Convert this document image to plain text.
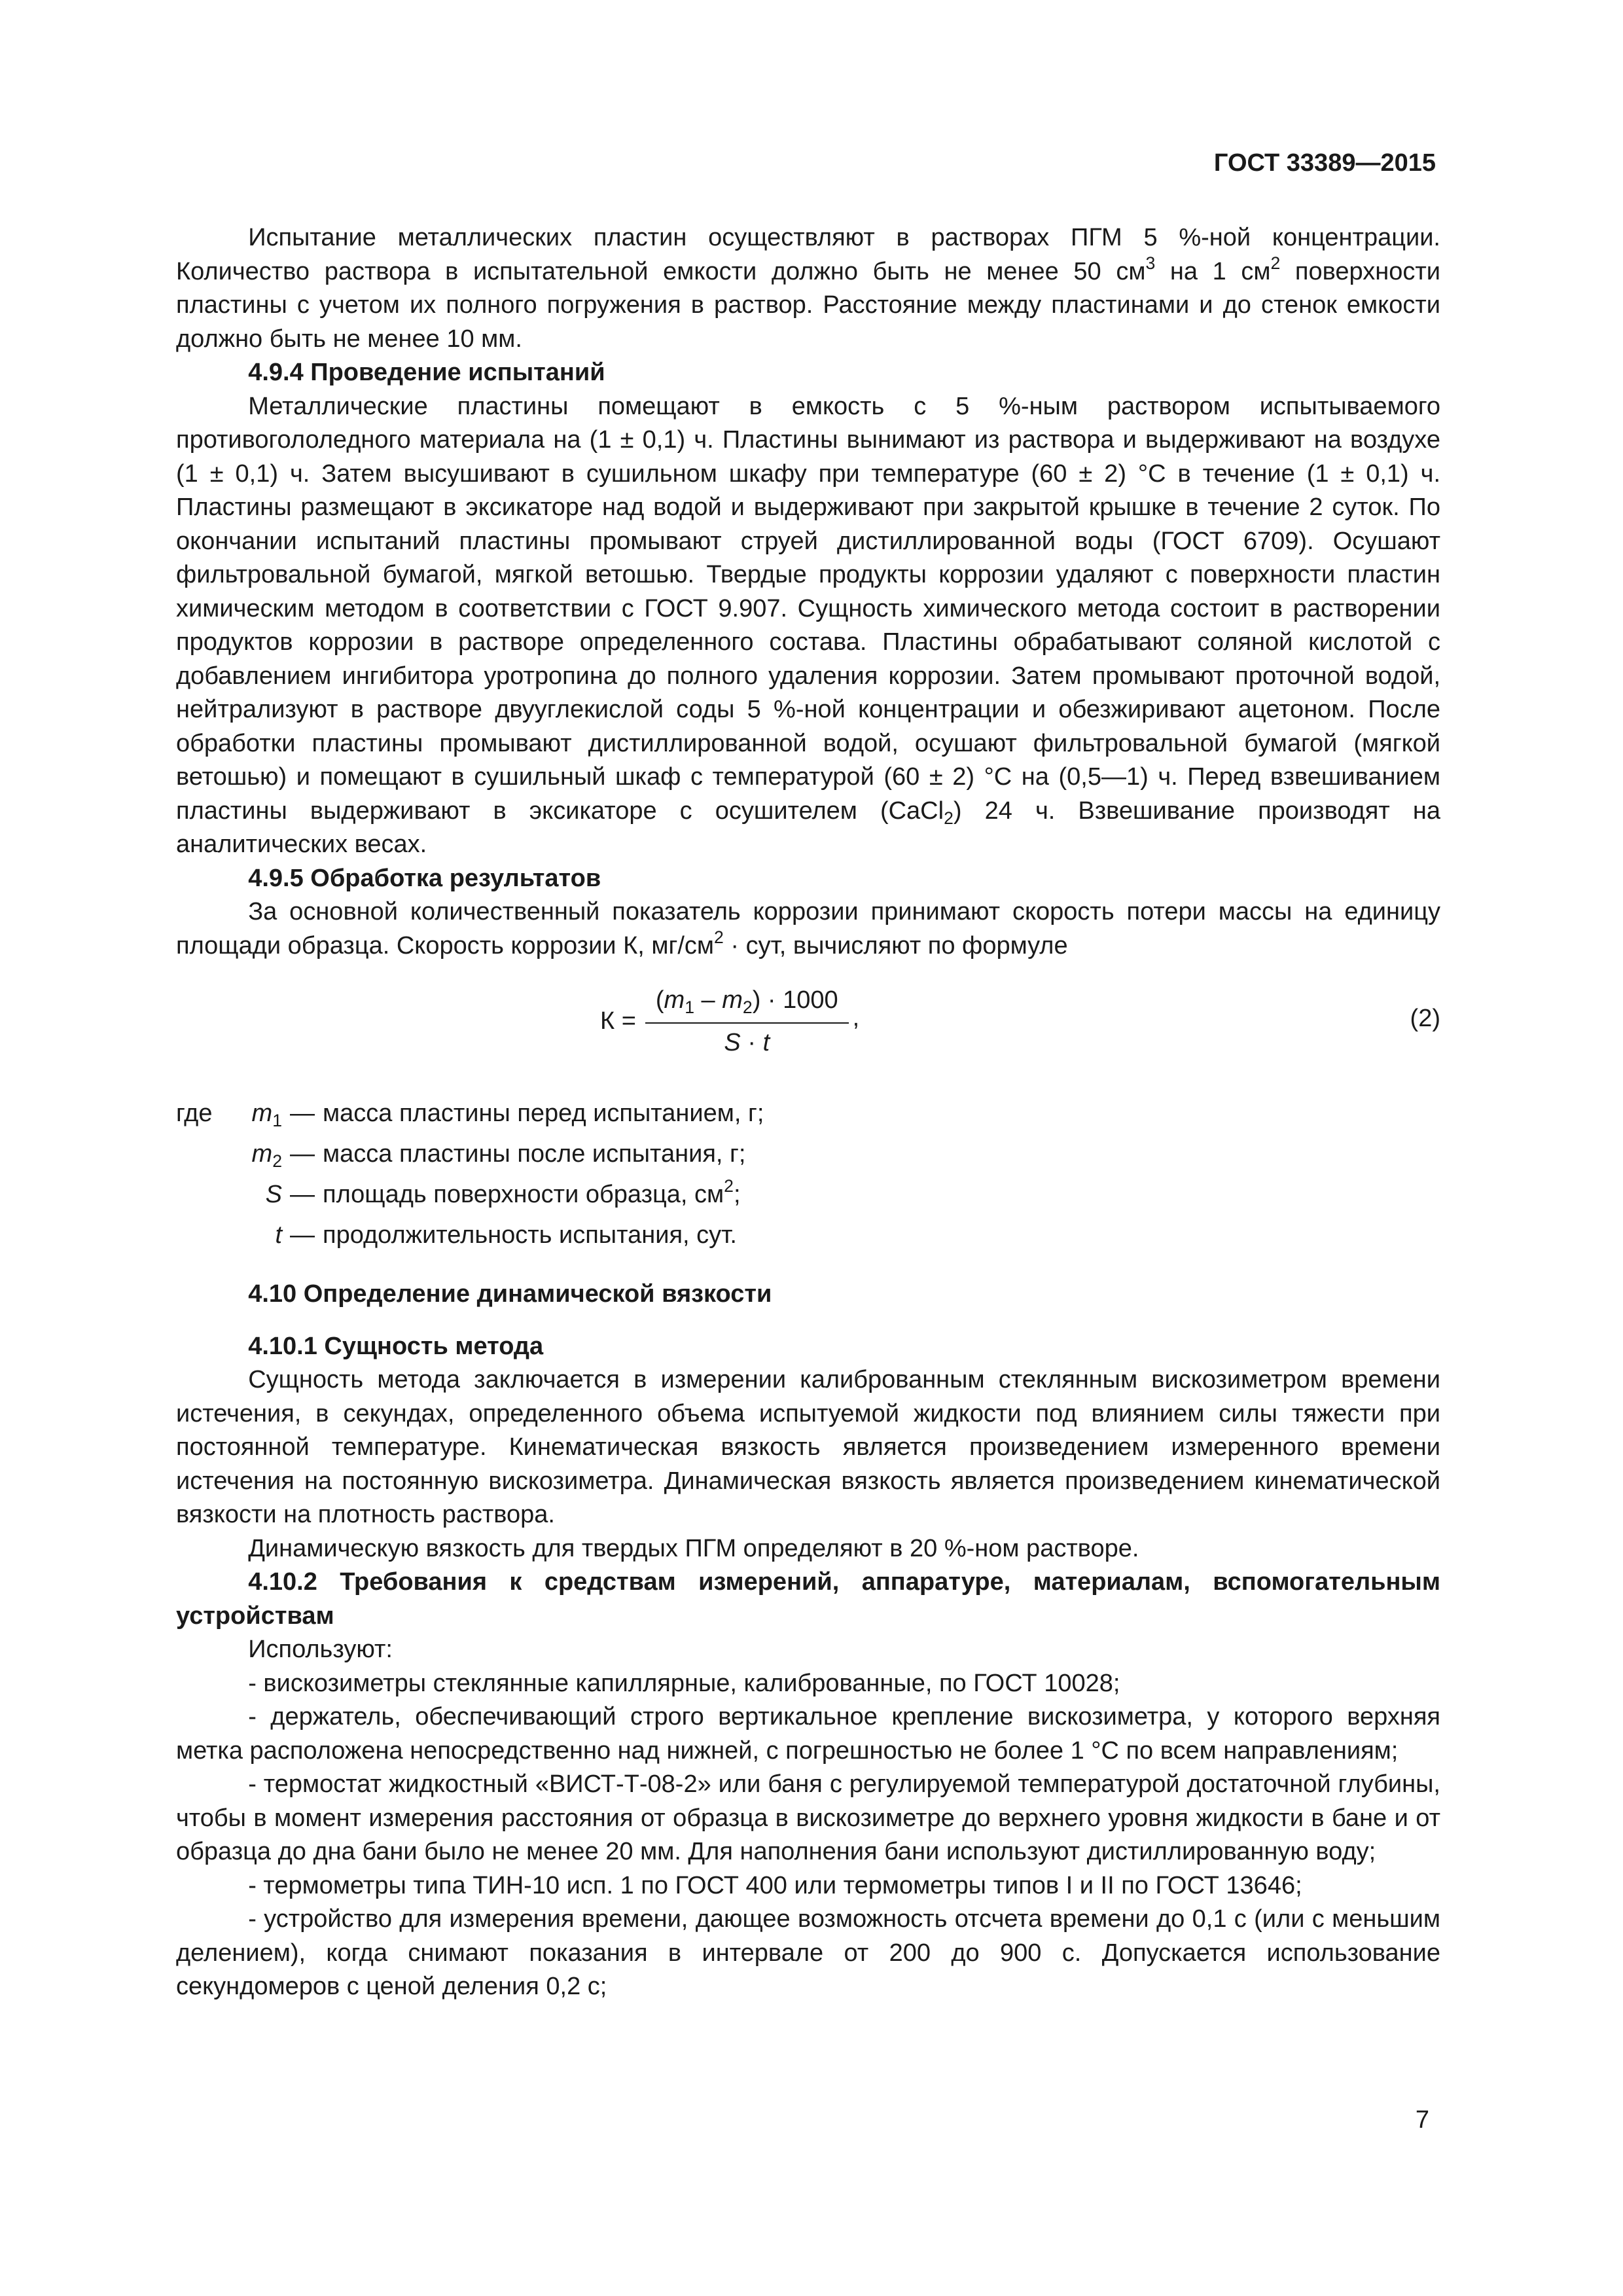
ГОСТ 33389—2015

Испытание металлических пластин осуществляют в растворах ПГМ 5 %-ной концентрации. Количество раствора в испытательной емкости должно быть не менее 50 $см^3$ на 1 $см^2$ поверхности пластины с учетом их полного погружения в раствор. Расстояние между пластинами и до стенок емкости должно быть не менее 10 мм.

4.9.4 Проведение испытаний

Металлические пластины помещают в емкость с 5 %-ным раствором испытываемого противогололедного материала на (1 ± 0,1) ч. Пластины вынимают из раствора и выдерживают на воздухе (1 ± 0,1) ч. Затем высушивают в сушильном шкафу при температуре (60 ± 2) °С в течение (1 ± 0,1) ч. Пластины размещают в эксикаторе над водой и выдерживают при закрытой крышке в течение 2 суток. По окончании испытаний пластины промывают струей дистиллированной воды (ГОСТ 6709). Осушают фильтровальной бумагой, мягкой ветошью. Твердые продукты коррозии удаляют с поверхности пластин химическим методом в соответствии с ГОСТ 9.907. Сущность химического метода состоит в растворении продуктов коррозии в растворе определенного состава. Пластины обрабатывают соляной кислотой с добавлением ингибитора уротропина до полного удаления коррозии. Затем промывают проточной водой, нейтрализуют в растворе двууглекислой соды 5 %-ной концентрации и обезжиривают ацетоном. После обработки пластины промывают дистиллированной водой, осушают фильтровальной бумагой (мягкой ветошью) и помещают в сушильный шкаф с температурой (60 ± 2) °С на (0,5—1) ч. Перед взвешиванием пластины выдерживают в эксикаторе с осушителем (CaCl$_2$) 24 ч. Взвешивание производят на аналитических весах.

4.9.5 Обработка результатов

За основной количественный показатель коррозии принимают скорость потери массы на единицу площади образца. Скорость коррозии К, $мг/см^2$ · сут, вычисляют по формуле

$К = \frac{(m_1 - m_2) \cdot 1000}{S \cdot t}$ ,	(2)
где	$m_1$ — масса пластины перед испытанием, г;
$m_2$ — масса пластины после испытания, г;
S — площадь поверхности образца, $см^2$;
t — продолжительность испытания, сут.

4.10 Определение динамической вязкости

4.10.1 Сущность метода

Сущность метода заключается в измерении калиброванным стеклянным вискозиметром времени истечения, в секундах, определенного объема испытуемой жидкости под влиянием силы тяжести при постоянной температуре. Кинематическая вязкость является произведением измеренного времени истечения на постоянную вискозиметра. Динамическая вязкость является произведением кинематической вязкости на плотность раствора.

Динамическую вязкость для твердых ПГМ определяют в 20 %-ном растворе.

4.10.2 Требования к средствам измерений, аппаратуре, материалам, вспомогательным устройствам

Используют:

- вискозиметры стеклянные капиллярные, калиброванные, по ГОСТ 10028;

- держатель, обеспечивающий строго вертикальное крепление вискозиметра, у которого верхняя метка расположена непосредственно над нижней, с погрешностью не более 1 °С по всем направлениям;

- термостат жидкостный «ВИСТ-Т-08-2» или баня с регулируемой температурой достаточной глубины, чтобы в момент измерения расстояния от образца в вискозиметре до верхнего уровня жидкости в бане и от образца до дна бани было не менее 20 мм. Для наполнения бани используют дистиллированную воду;

- термометры типа ТИН-10 исп. 1 по ГОСТ 400 или термометры типов I и II по ГОСТ 13646;

- устройство для измерения времени, дающее возможность отсчета времени до 0,1 с (или с меньшим делением), когда снимают показания в интервале от 200 до 900 с. Допускается использование секундомеров с ценой деления 0,2 с;

7
